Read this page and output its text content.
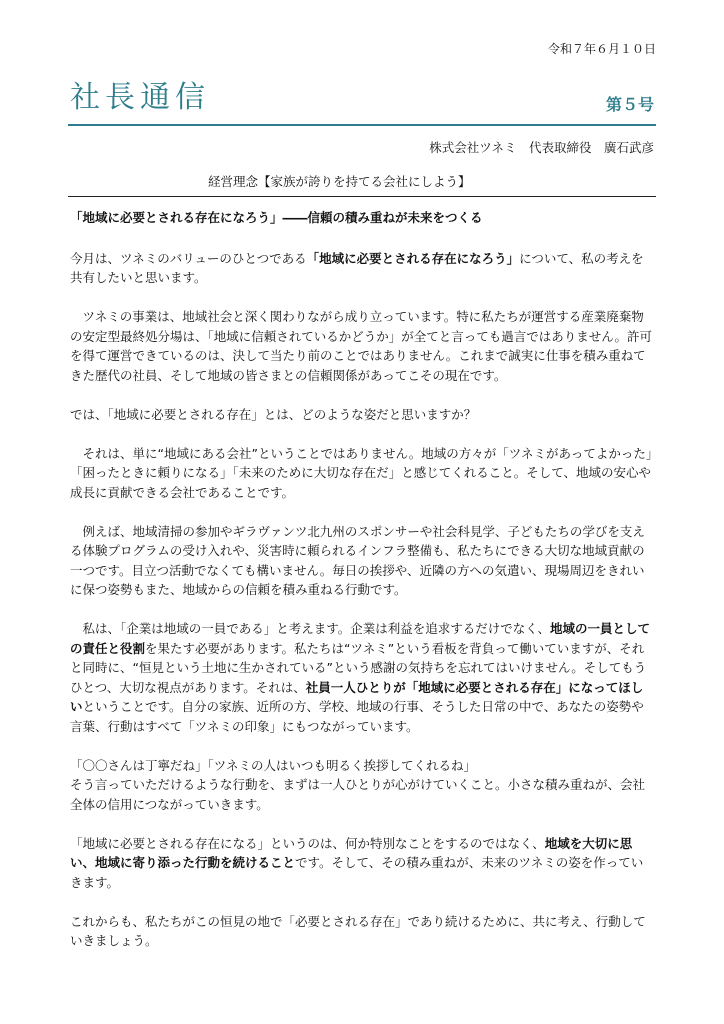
令和７年６月１０日
社長通信	第５号
株式会社ツネミ　代表取締役　廣石武彦
経営理念【家族が誇りを持てる会社にしよう】

「地域に必要とされる存在になろう」――信頼の積み重ねが未来をつくる

今月は、ツネミのバリューのひとつである「地域に必要とされる存在になろう」について、私の考えを共有したいと思います。

ツネミの事業は、地域社会と深く関わりながら成り立っています。特に私たちが運営する産業廃棄物の安定型最終処分場は、「地域に信頼されているかどうか」が全てと言っても過言ではありません。許可を得て運営できているのは、決して当たり前のことではありません。これまで誠実に仕事を積み重ねてきた歴代の社員、そして地域の皆さまとの信頼関係があってこその現在です。

では、「地域に必要とされる存在」とは、どのような姿だと思いますか？

それは、単に“地域にある会社”ということではありません。地域の方々が「ツネミがあってよかった」「困ったときに頼りになる」「未来のために大切な存在だ」と感じてくれること。そして、地域の安心や成長に貢献できる会社であることです。

例えば、地域清掃の参加やギラヴァンツ北九州のスポンサーや社会科見学、子どもたちの学びを支える体験プログラムの受け入れや、災害時に頼られるインフラ整備も、私たちにできる大切な地域貢献の一つです。目立つ活動でなくても構いません。毎日の挨拶や、近隣の方への気遣い、現場周辺をきれいに保つ姿勢もまた、地域からの信頼を積み重ねる行動です。

私は、「企業は地域の一員である」と考えます。企業は利益を追求するだけでなく、地域の一員としての責任と役割を果たす必要があります。私たちは“ツネミ”という看板を背負って働いていますが、それと同時に、“恒見という土地に生かされている”という感謝の気持ちを忘れてはいけません。そしてもうひとつ、大切な視点があります。それは、社員一人ひとりが「地域に必要とされる存在」になってほしいということです。自分の家族、近所の方、学校、地域の行事、そうした日常の中で、あなたの姿勢や言葉、行動はすべて「ツネミの印象」にもつながっています。

「〇〇さんは丁寧だね」「ツネミの人はいつも明るく挨拶してくれるね」
そう言っていただけるような行動を、まずは一人ひとりが心がけていくこと。小さな積み重ねが、会社全体の信用につながっていきます。

「地域に必要とされる存在になる」というのは、何か特別なことをするのではなく、地域を大切に思い、地域に寄り添った行動を続けることです。そして、その積み重ねが、未来のツネミの姿を作っていきます。

これからも、私たちがこの恒見の地で「必要とされる存在」であり続けるために、共に考え、行動していきましょう。
